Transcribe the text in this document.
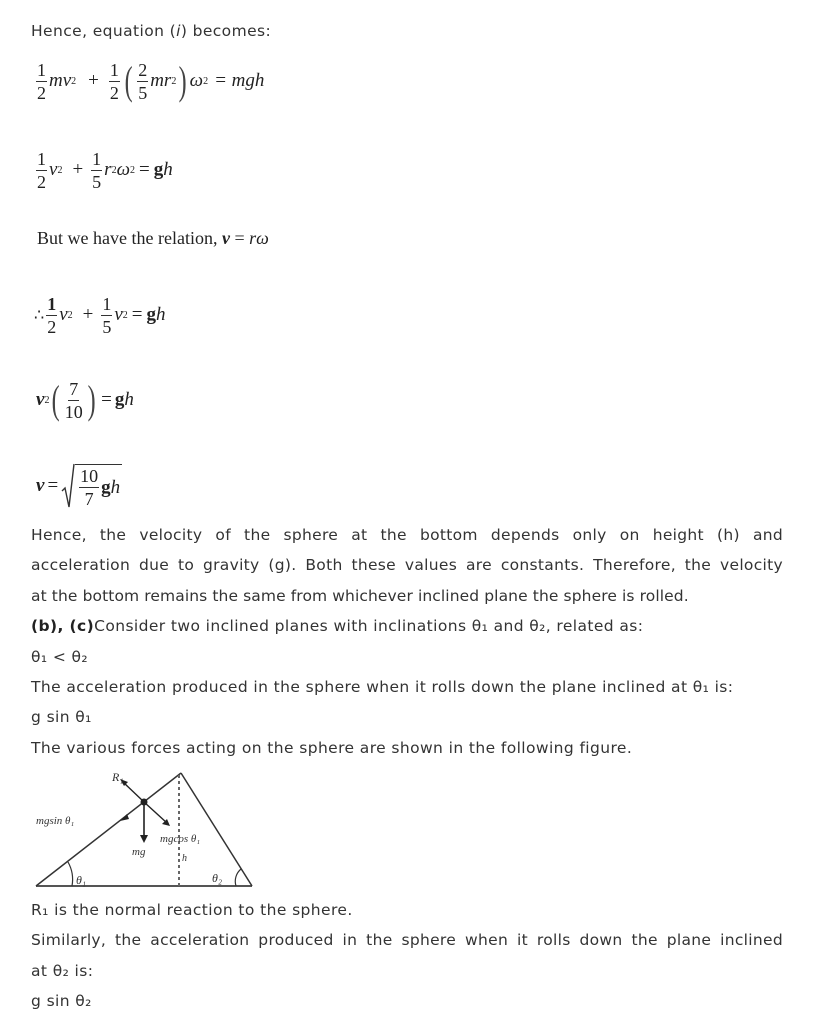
Hence, equation (i) becomes:
$\frac{1}{2}$ mv $2 + \frac{1}{2}$ ( $\frac{2}{5}$ mr 2 ) ω 2 = mgh
$\frac{1}{2}$ v $2 + \frac{1}{5}$ r 2 ω 2 = g h
But we have the relation, v = rω
∴ $\frac{1}{2}$ v $2 + \frac{1}{5}$ v 2 = g h
v 2 ( $\frac{7}{10}$ ) = g h
$v = \frac{10}{7}$ g h
Hence, the velocity of the sphere at the bottom depends only on height (h) and
acceleration due to gravity (g). Both these values are constants. Therefore, the velocity
at the bottom remains the same from whichever inclined plane the sphere is rolled.
(b), (c)Consider two inclined planes with inclinations θ₁ and θ₂, related as:
θ₁ < θ₂
The acceleration produced in the sphere when it rolls down the plane inclined at θ₁ is:
g sin θ₁
The various forces acting on the sphere are shown in the following figure.
R₁
mgsin θ₁
mgcos θ₁
mg
h
θ₁	θ₂
R₁ is the normal reaction to the sphere.
Similarly, the acceleration produced in the sphere when it rolls down the plane inclined
at θ₂ is:
g sin θ₂
